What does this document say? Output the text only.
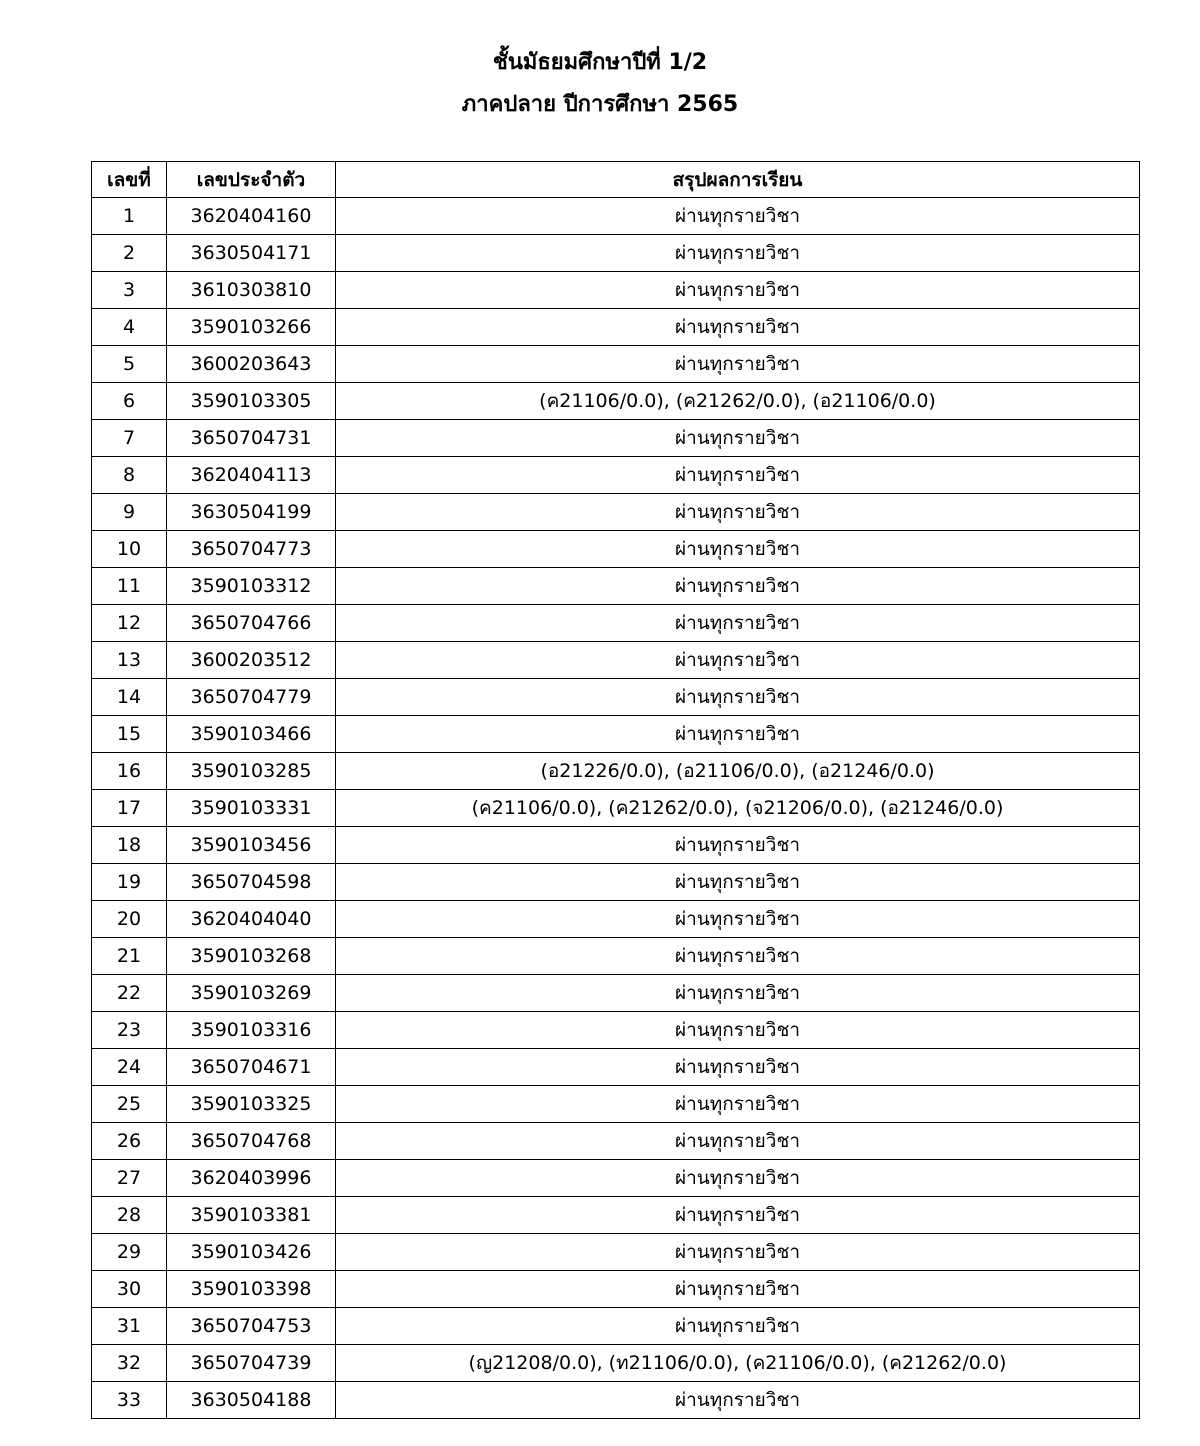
ชั้นมัธยมศึกษาปีที่ 1/2
ภาคปลาย ปีการศึกษา 2565
เลขที่	เลขประจำตัว	สรุปผลการเรียน
1	3620404160	ผ่านทุกรายวิชา
2	3630504171	ผ่านทุกรายวิชา
3	3610303810	ผ่านทุกรายวิชา
4	3590103266	ผ่านทุกรายวิชา
5	3600203643	ผ่านทุกรายวิชา
6	3590103305	(ค21106/0.0), (ค21262/0.0), (อ21106/0.0)
7	3650704731	ผ่านทุกรายวิชา
8	3620404113	ผ่านทุกรายวิชา
9	3630504199	ผ่านทุกรายวิชา
10	3650704773	ผ่านทุกรายวิชา
11	3590103312	ผ่านทุกรายวิชา
12	3650704766	ผ่านทุกรายวิชา
13	3600203512	ผ่านทุกรายวิชา
14	3650704779	ผ่านทุกรายวิชา
15	3590103466	ผ่านทุกรายวิชา
16	3590103285	(อ21226/0.0), (อ21106/0.0), (อ21246/0.0)
17	3590103331	(ค21106/0.0), (ค21262/0.0), (จ21206/0.0), (อ21246/0.0)
18	3590103456	ผ่านทุกรายวิชา
19	3650704598	ผ่านทุกรายวิชา
20	3620404040	ผ่านทุกรายวิชา
21	3590103268	ผ่านทุกรายวิชา
22	3590103269	ผ่านทุกรายวิชา
23	3590103316	ผ่านทุกรายวิชา
24	3650704671	ผ่านทุกรายวิชา
25	3590103325	ผ่านทุกรายวิชา
26	3650704768	ผ่านทุกรายวิชา
27	3620403996	ผ่านทุกรายวิชา
28	3590103381	ผ่านทุกรายวิชา
29	3590103426	ผ่านทุกรายวิชา
30	3590103398	ผ่านทุกรายวิชา
31	3650704753	ผ่านทุกรายวิชา
32	3650704739	(ญ21208/0.0), (ท21106/0.0), (ค21106/0.0), (ค21262/0.0)
33	3630504188	ผ่านทุกรายวิชา
